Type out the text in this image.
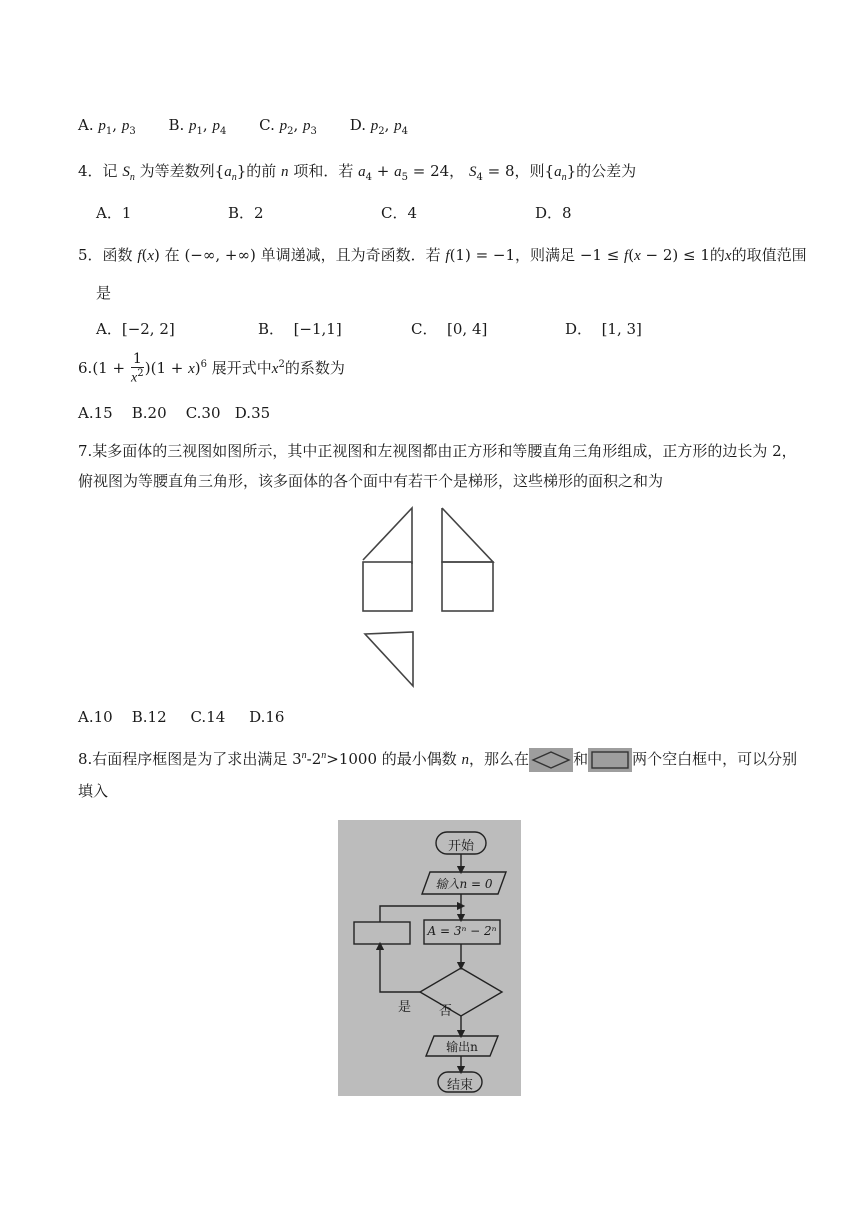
A. $p_1$, $p_3$ B. $p_1$, $p_4$ C. $p_2$, $p_3$ D. $p_2$, $p_4$
4．记 $S_n$ 为等差数列$\{a_n\}$的前 n 项和．若 $a_4 + a_5 = 24$， $S_4 = 8$，则$\{a_n\}$的公差为
A．1	B．2	C．4	D．8
5．函数 f(x) 在 (−∞, +∞) 单调递减，且为奇函数．若 f(1) = −1，则满足 −1 ≤ f(x − 2) ≤ 1的x的取值范围
是
A．[−2, 2]	B．  [−1,1]	C．  [0, 4]	D．  [1, 3]
$6.(1 + \frac{1}{x^2} )(1 + x)^6$ 展开式中$x^2$的系数为
A.15    B.20    C.30   D.35
7.某多面体的三视图如图所示，其中正视图和左视图都由正方形和等腰直角三角形组成，正方形的边长为 2，
俯视图为等腰直角三角形，该多面体的各个面中有若干个是梯形，这些梯形的面积之和为
A.10    B.12     C.14     D.16
8.右面程序框图是为了求出满足 $3^n-2^n>1000$ 的最小偶数 n，那么在	和	两个空白框中，可以分别
填入
开始
输入n = 0
A = 3ⁿ − 2ⁿ
是 否
输出n
结束
